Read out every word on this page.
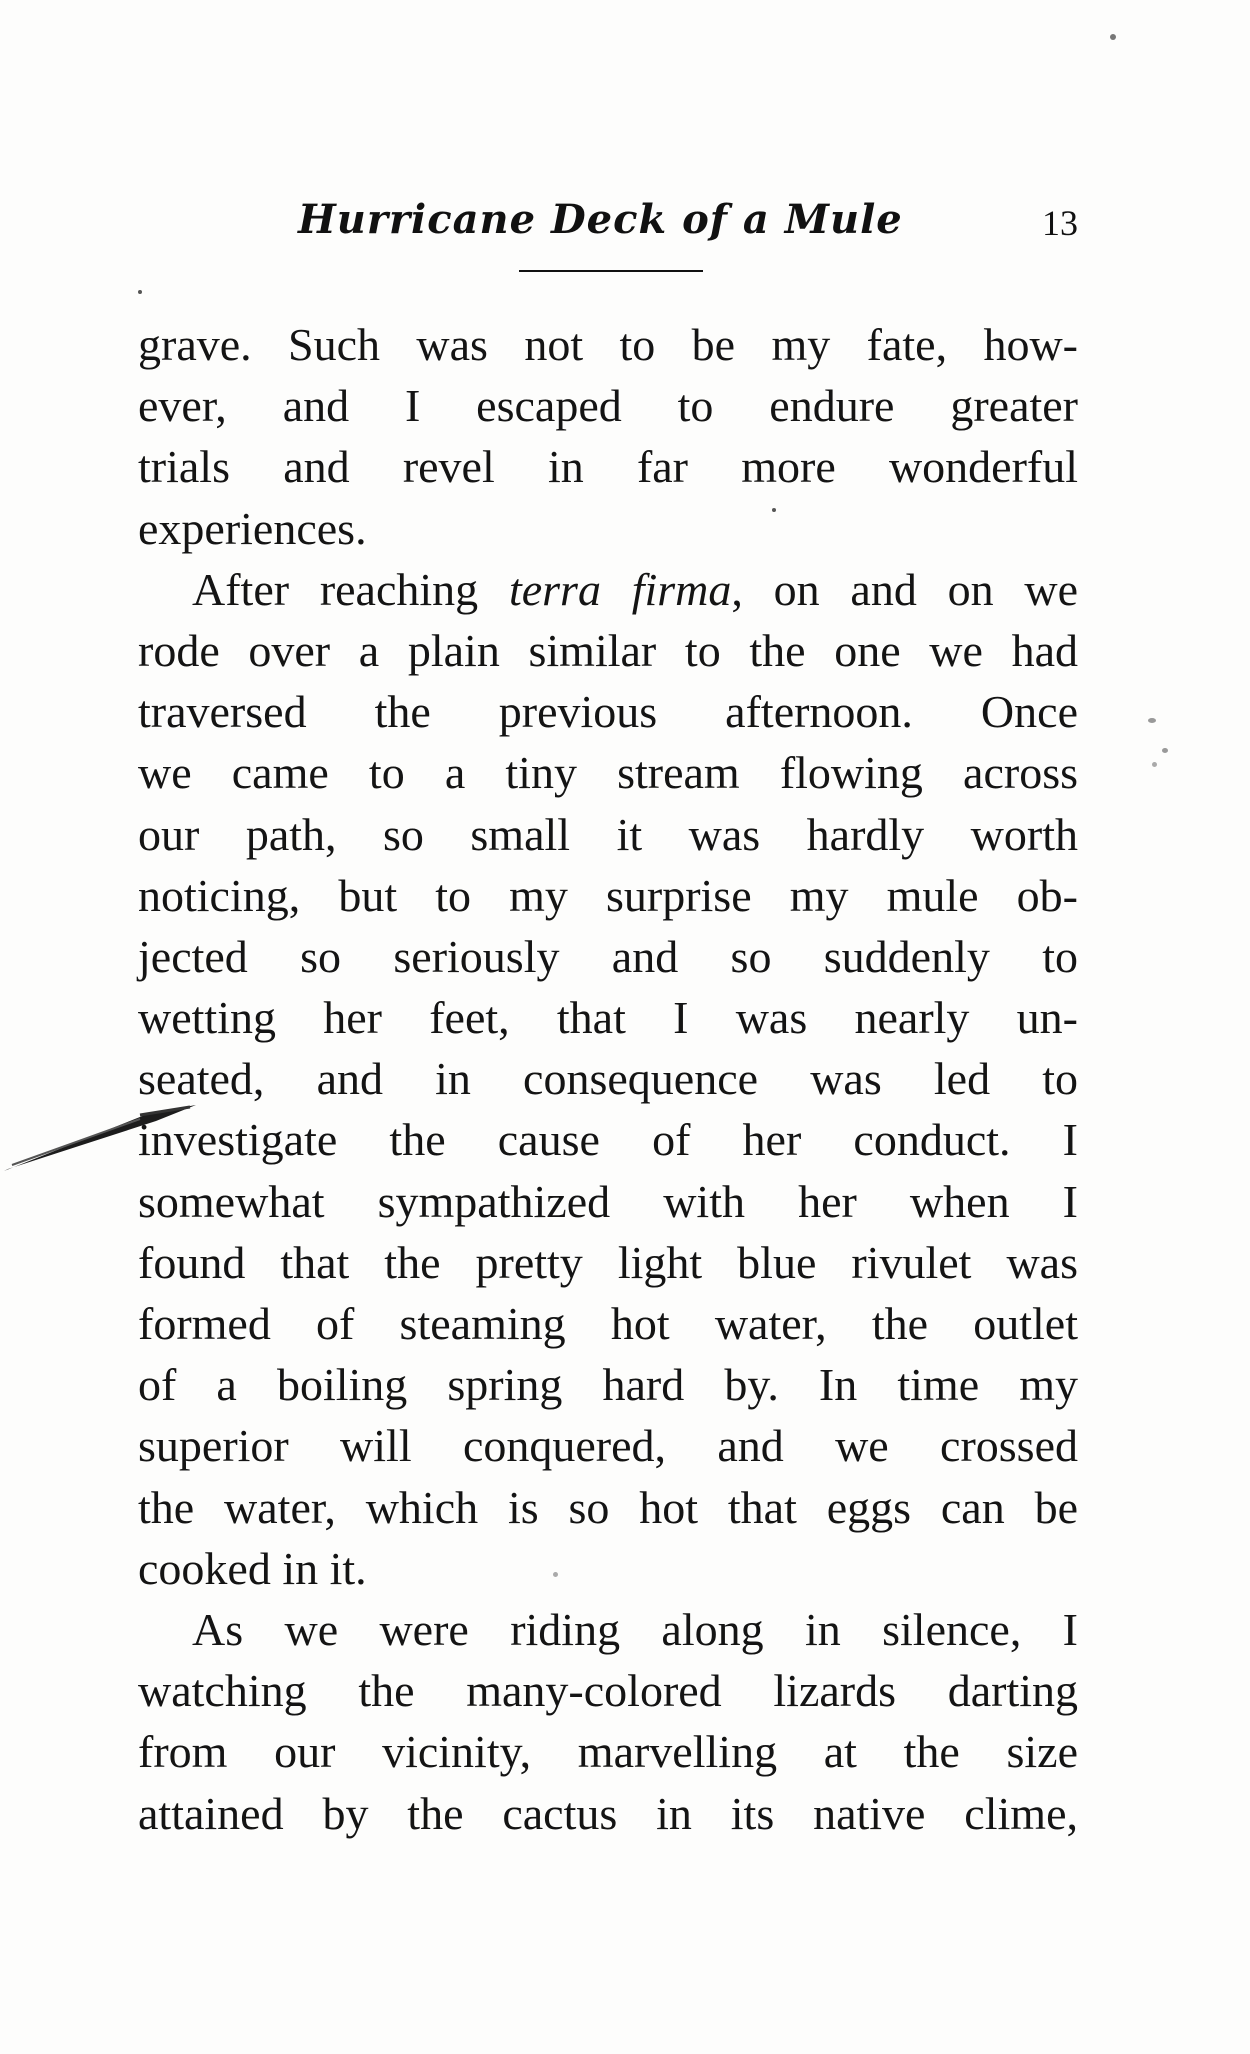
Hurricane Deck of a Mule	13
grave. Such was not to be my fate, how-
ever, and I escaped to endure greater
trials and revel in far more wonderful
experiences.
After reaching terra firma, on and on we
rode over a plain similar to the one we had
traversed the previous afternoon. Once
we came to a tiny stream flowing across
our path, so small it was hardly worth
noticing, but to my surprise my mule ob-
jected so seriously and so suddenly to
wetting her feet, that I was nearly un-
seated, and in consequence was led to
investigate the cause of her conduct. I
somewhat sympathized with her when I
found that the pretty light blue rivulet was
formed of steaming hot water, the outlet
of a boiling spring hard by. In time my
superior will conquered, and we crossed
the water, which is so hot that eggs can be
cooked in it.
As we were riding along in silence, I
watching the many-colored lizards darting
from our vicinity, marvelling at the size
attained by the cactus in its native clime,
